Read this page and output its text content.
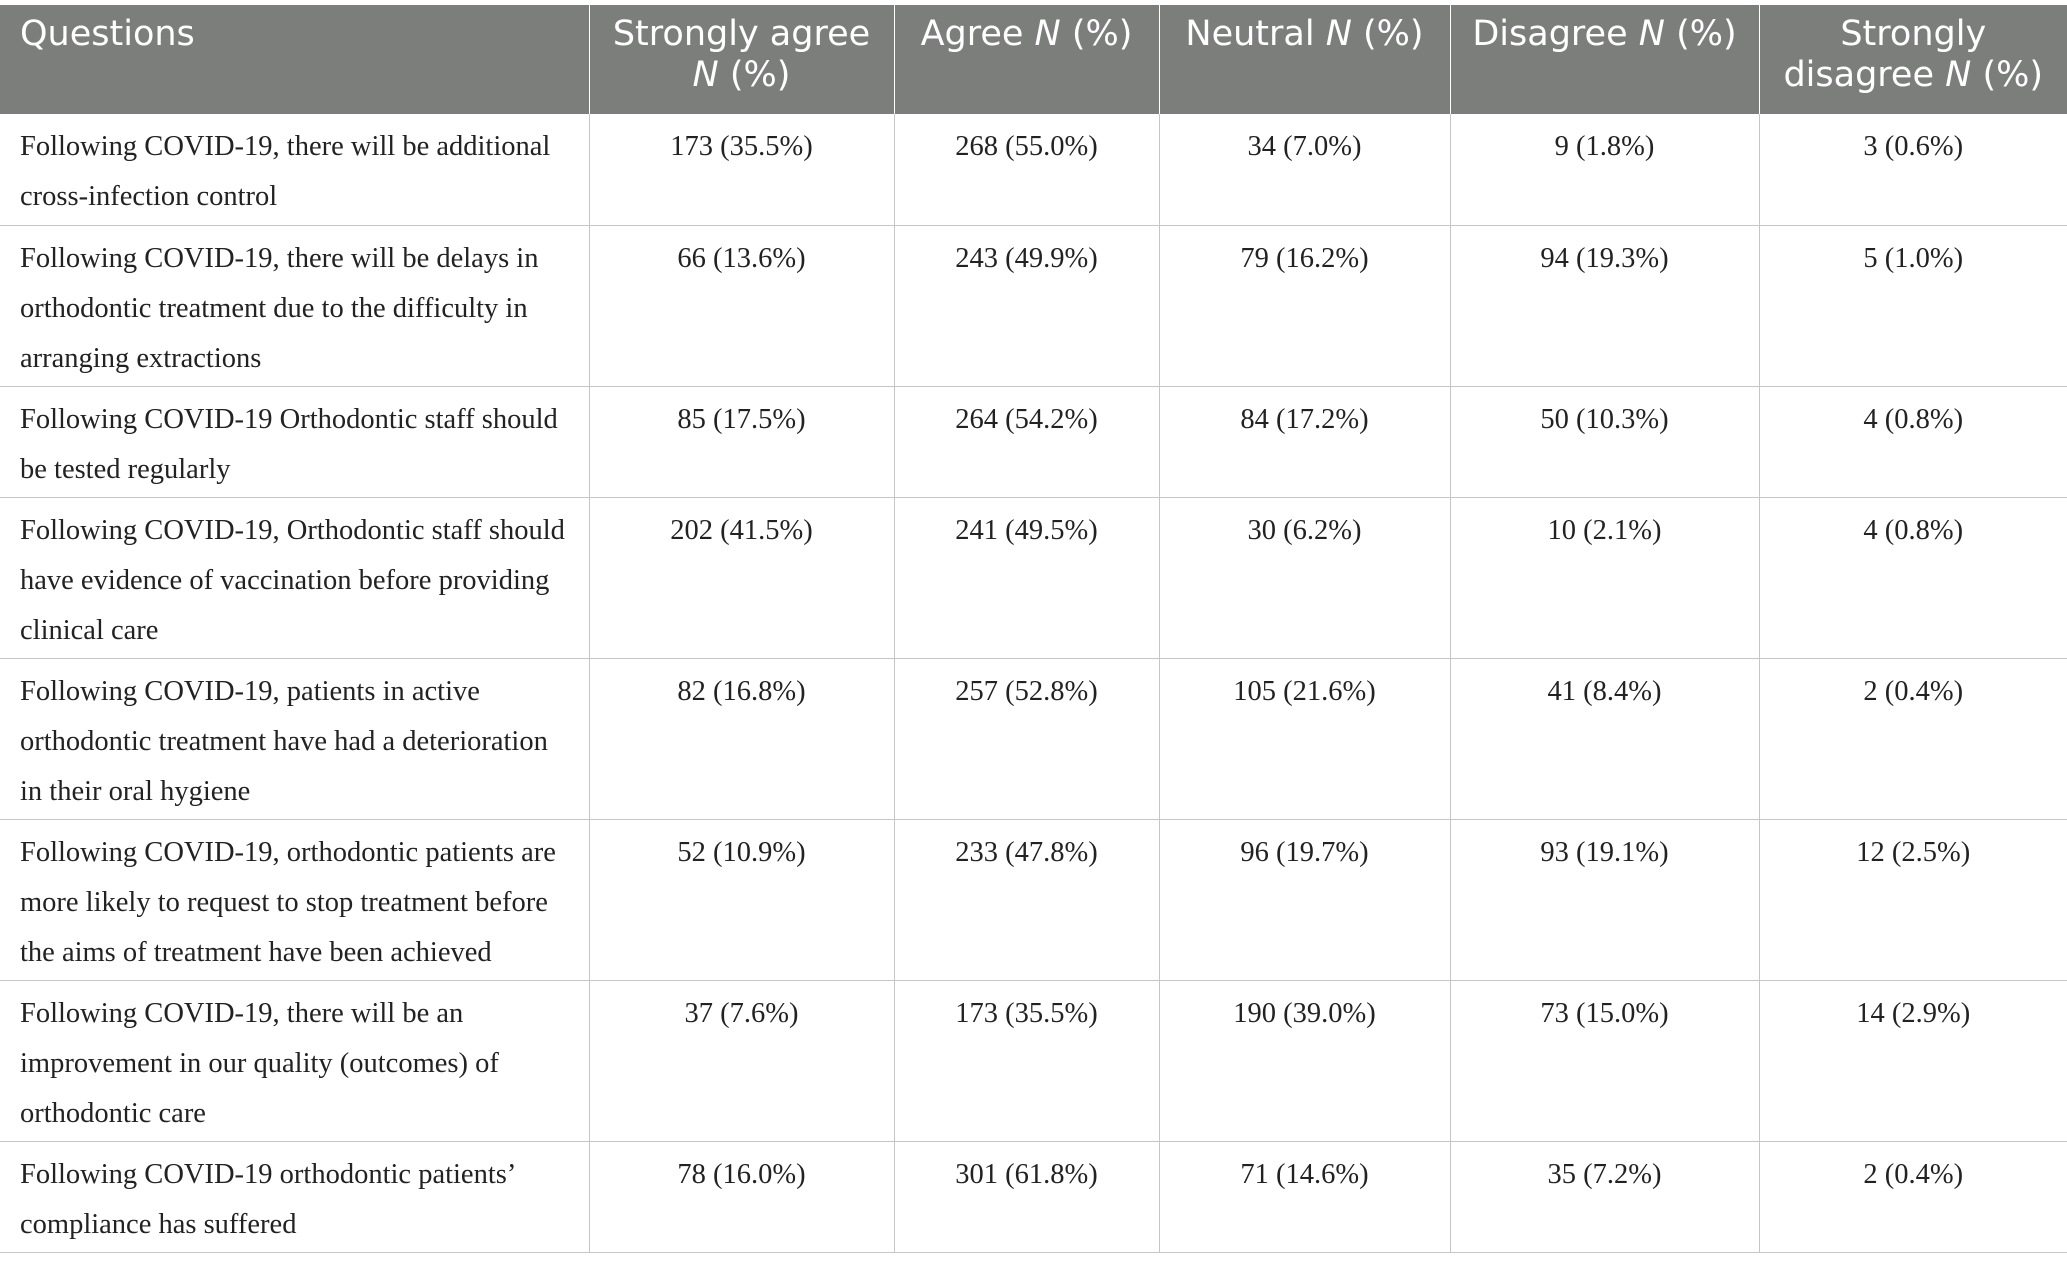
Questions	Strongly agree N (%)	Agree N (%)	Neutral N (%)	Disagree N (%)	Strongly disagree N (%)
Following COVID-19, there will be additional cross-infection control	173 (35.5%)	268 (55.0%)	34 (7.0%)	9 (1.8%)	3 (0.6%)
Following COVID-19, there will be delays in orthodontic treatment due to the difficulty in arranging extractions	66 (13.6%)	243 (49.9%)	79 (16.2%)	94 (19.3%)	5 (1.0%)
Following COVID-19 Orthodontic staff should be tested regularly	85 (17.5%)	264 (54.2%)	84 (17.2%)	50 (10.3%)	4 (0.8%)
Following COVID-19, Orthodontic staff should have evidence of vaccination before providing clinical care	202 (41.5%)	241 (49.5%)	30 (6.2%)	10 (2.1%)	4 (0.8%)
Following COVID-19, patients in active orthodontic treatment have had a deterioration in their oral hygiene	82 (16.8%)	257 (52.8%)	105 (21.6%)	41 (8.4%)	2 (0.4%)
Following COVID-19, orthodontic patients are more likely to request to stop treatment before the aims of treatment have been achieved	52 (10.9%)	233 (47.8%)	96 (19.7%)	93 (19.1%)	12 (2.5%)
Following COVID-19, there will be an improvement in our quality (outcomes) of orthodontic care	37 (7.6%)	173 (35.5%)	190 (39.0%)	73 (15.0%)	14 (2.9%)
Following COVID-19 orthodontic patients’ compliance has suffered	78 (16.0%)	301 (61.8%)	71 (14.6%)	35 (7.2%)	2 (0.4%)
